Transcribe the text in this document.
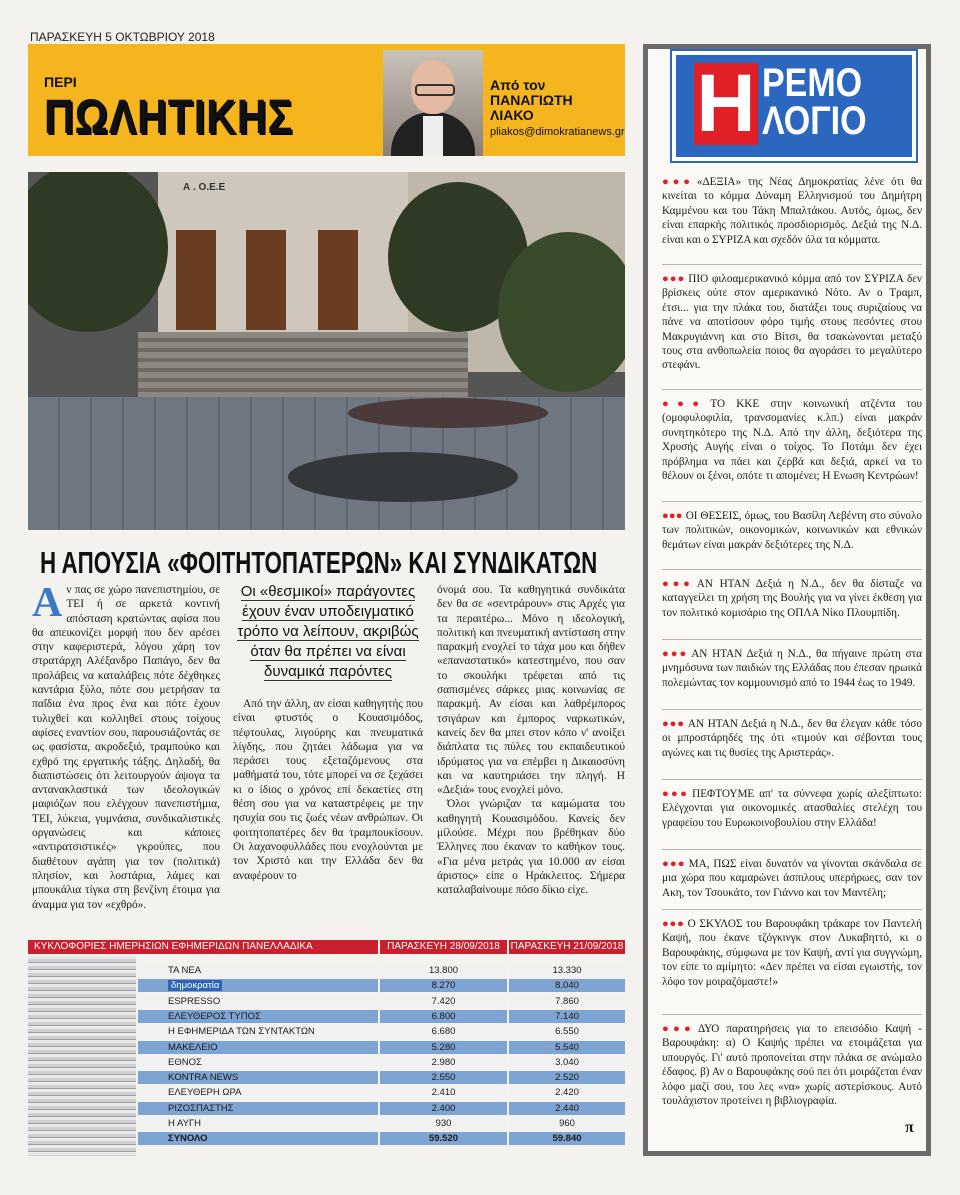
ΠΑΡΑΣΚΕΥΗ 5 ΟΚΤΩΒΡΙΟΥ 2018
ΠΕΡΙ
ΠΩΛΗΤΙΚΗΣ
Από τον
ΠΑΝΑΓΙΩΤΗ
ΛΙΑΚΟ
pliakos@dimokratianews.gr
Α . Ο.Ε.Ε
Η ΑΠΟΥΣΙΑ «ΦΟΙΤΗΤΟΠΑΤΕΡΩΝ» ΚΑΙ ΣΥΝΔΙΚΑΤΩΝ
Αν πας σε χώρο πανεπιστημίου, σε ΤΕΙ ή σε αρκετά κοντινή απόσταση κρατώντας αφίσα που θα απεικονίζει μορφή που δεν αρέσει στην καφεριστερά, λόγου χάρη τον στρατάρχη Αλέξανδρο Παπάγο, δεν θα προλάβεις να καταλάβεις πότε δέχθηκες καντάρια ξύλο, πότε σου μετρήσαν τα παΐδια ένα προς ένα και πότε έχουν τυλιχθεί και κολληθεί στους τοίχους αφίσες εναντίον σου, παρουσιάζοντάς σε ως φασίστα, ακροδεξιό, τραμπούκο και εχθρό της εργατικής τάξης. Δηλαδή, θα διαπιστώσεις ότι λειτουργούν άψογα τα αντανακλαστικά των ιδεολογικών μαφιόζων που ελέγχουν πανεπιστήμια, ΤΕΙ, λύκεια, γυμνάσια, συνδικαλιστικές οργανώσεις και κάποιες «αντιρατσιστικές» γκρούπες, που διαθέτουν αγάπη για τον (πολιτικά) πλησίον, και λοστάρια, λάμες και μπουκάλια τίγκα στη βενζίνη έτοιμα για άναμμα για τον «εχθρό».
Οι «θεσμικοί» παράγοντες έχουν έναν υποδειγματικό τρόπο να λείπουν, ακριβώς όταν θα πρέπει να είναι δυναμικά παρόντες

Από την άλλη, αν είσαι καθηγητής που είναι φτυστός ο Κουασιμόδος, πέφτουλας, λιγούρης και πνευματικά λίγδης, που ζητάει λάδωμα για να περάσει τους εξεταζόμενους στα μαθήματά του, τότε μπορεί να σε ξεχάσει κι ο ίδιος ο χρόνος επί δεκαετίες στη θέση σου για να καταστρέφεις με την ησυχία σου τις ζωές νέων ανθρώπων. Οι φοιτητοπατέρες δεν θα τραμπουκίσουν. Οι λαχανοφυλλάδες που ενοχλούνται με τον Χριστό και την Ελλάδα δεν θα αναφέρουν το

όνομά σου. Τα καθηγητικά συνδικάτα δεν θα σε «σεντράρουν» στις Αρχές για τα περαιτέρω... Μόνο η ιδεολογική, πολιτική και πνευματική αντίσταση στην παρακμή ενοχλεί το τάχα μου και δήθεν «επαναστατικό» κατεστημένο, που σαν το σκουλήκι τρέφεται από τις σαπισμένες σάρκες μιας κοινωνίας σε παρακμή. Αν είσαι και λαθρέμπορος τσιγάρων και έμπορος ναρκωτικών, κανείς δεν θα μπει στον κόπο ν' ανοίξει διάπλατα τις πύλες του εκπαιδευτικού ιδρύματος για να επέμβει η Δικαιοσύνη και να καυτηριάσει την πληγή. Η «Δεξιά» τους ενοχλεί μόνο.

Όλοι γνώριζαν τα καμώματα του καθηγητή Κουασιμόδου. Κανείς δεν μίλούσε. Μέχρι που βρέθηκαν δύο Έλληνες που έκαναν το καθήκον τους. «Για μένα μετράς για 10.000 αν είσαι άριστος» είπε ο Ηράκλειτος. Σήμερα καταλαβαίνουμε πόσο δίκιο είχε.

ΚΥΚΛΟΦΟΡΙΕΣ ΗΜΕΡΗΣΙΩΝ ΕΦΗΜΕΡΙΔΩΝ ΠΑΝΕΛΛΑΔΙΚΑ	ΠΑΡΑΣΚΕΥΗ 28/09/2018	ΠΑΡΑΣΚΕΥΗ 21/09/2018
ΤΑ ΝΕΑ	13.800	13.330
δημοκρατία	8.270	8.040
ESPRESSO	7.420	7.860
ΕΛΕΥΘΕΡΟΣ ΤΥΠΟΣ	6.800	7.140
Η ΕΦΗΜΕΡΙΔΑ ΤΩΝ ΣΥΝΤΑΚΤΩΝ	6.680	6.550
ΜΑΚΕΛΕΙΟ	5.280	5.540
ΕΘΝΟΣ	2.980	3.040
KONTRA NEWS	2.550	2.520
ΕΛΕΥΘΕΡΗ ΩΡΑ	2.410	2.420
ΡΙΖΟΣΠΑΣΤΗΣ	2.400	2.440
Η ΑΥΓΗ	930	960
ΣΥΝΟΛΟ	59.520	59.840
Η ΡΕΜΟ
ΛΟΓΙΟ
●●● «ΔΕΞΙΑ» της Νέας Δημοκρατίας λένε ότι θα κινείται το κόμμα Δύναμη Ελληνισμού του Δημήτρη Καμμένου και του Τάκη Μπαλτάκου. Αυτός, όμως, δεν είναι επαρκής πολιτικός προσδιορισμός. Δεξιά της Ν.Δ. είναι και ο ΣΥΡΙΖΑ και σχεδόν όλα τα κόμματα.
●●● ΠΙΟ φιλοαμερικανικό κόμμα από τον ΣΥΡΙΖΑ δεν βρίσκεις ούτε στον αμερικανικό Νότο. Αν ο Τραμπ, έτσι... για την πλάκα του, διατάξει τους συριζαίους να πάνε να αποτίσουν φόρο τιμής στους πεσόντες στου Μακρυγιάννη και στο Βίτσι, θα τσακώνονται μεταξύ τους στα ανθοπωλεία ποιος θα αγοράσει το μεγαλύτερο στεφάνι.
●●● ΤΟ ΚΚΕ στην κοινωνική ατζέντα του (ομοφυλοφιλία, τρανσομανίες κ.λπ.) είναι μακράν συνητηκότερο της Ν.Δ. Από την άλλη, δεξιότερα της Χρυσής Αυγής είναι ο τοίχος. Το Ποτάμι δεν έχει πρόβλημα να πάει και ζερβά και δεξιά, αρκεί να το θέλουν οι ξένοι, οπότε τι απομένει; Η Ενωση Κεντρώων!
●●● ΟΙ ΘΕΣΕΙΣ, όμως, του Βασίλη Λεβέντη στο σύνολο των πολιτικών, οικονομικών, κοινωνικών και εθνικών θεμάτων είναι μακράν δεξιότερες της Ν.Δ.
●●● ΑΝ ΗΤΑΝ Δεξιά η Ν.Δ., δεν θα δίσταζε να καταγγείλει τη χρήση της Βουλής για να γίνει έκθεση για τον πολιτικό κομισάριο της ΟΠΛΑ Νίκο Πλουμπίδη.
●●● ΑΝ ΗΤΑΝ Δεξιά η Ν.Δ., θα πήγαινε πρώτη στα μνημόσυνα των παιδιών της Ελλάδας που έπεσαν ηρωικά πολεμώντας τον κομμουνισμό από το 1944 έως το 1949.
●●● ΑΝ ΗΤΑΝ Δεξιά η Ν.Δ., δεν θα έλεγαν κάθε τόσο οι μπροστάρηδές της ότι «τιμούν και σέβονται τους αγώνες και τις θυσίες της Αριστεράς».
●●● ΠΕΦΤΟΥΜΕ απ' τα σύννεφα χωρίς αλεξίπτωτο: Ελέγχονται για οικονομικές ατασθαλίες στελέχη του γραφείου του Ευρωκοινοβουλίου στην Ελλάδα!
●●● ΜΑ, ΠΩΣ είναι δυνατόν να γίνονται σκάνδαλα σε μια χώρα που καμαρώνει άσπιλους υπερήρωες, σαν τον Ακη, τον Τσουκάτο, τον Γιάννο και τον Μαντέλη;
●●● Ο ΣΚΥΛΟΣ του Βαρουφάκη τράκαρε τον Παντελή Καψή, που έκανε τζόγκινγκ στον Λυκαβηττό, κι ο Βαρουφάκης, σύμφωνα με τον Καψή, αντί για συγγνώμη, τον είπε το αμίμητο: «Δεν πρέπει να είσαι εγωιστής, τον λόφο τον μοιραζόμαστε!»
●●● ΔΥΟ παρατηρήσεις για το επεισόδιο Καψή - Βαρουφάκη: α) Ο Καψής πρέπει να ετοιμάζεται για υπουργός. Γι' αυτό προπονείται στην πλάκα σε ανώμαλο έδαφος. β) Αν ο Βαρουφάκης σού πει ότι μοιράζεται έναν λόφο μαζί σου, του λες «να» χωρίς αστερίσκους. Αυτό τουλάχιστον προτείνει η βιβλιογραφία.
π
